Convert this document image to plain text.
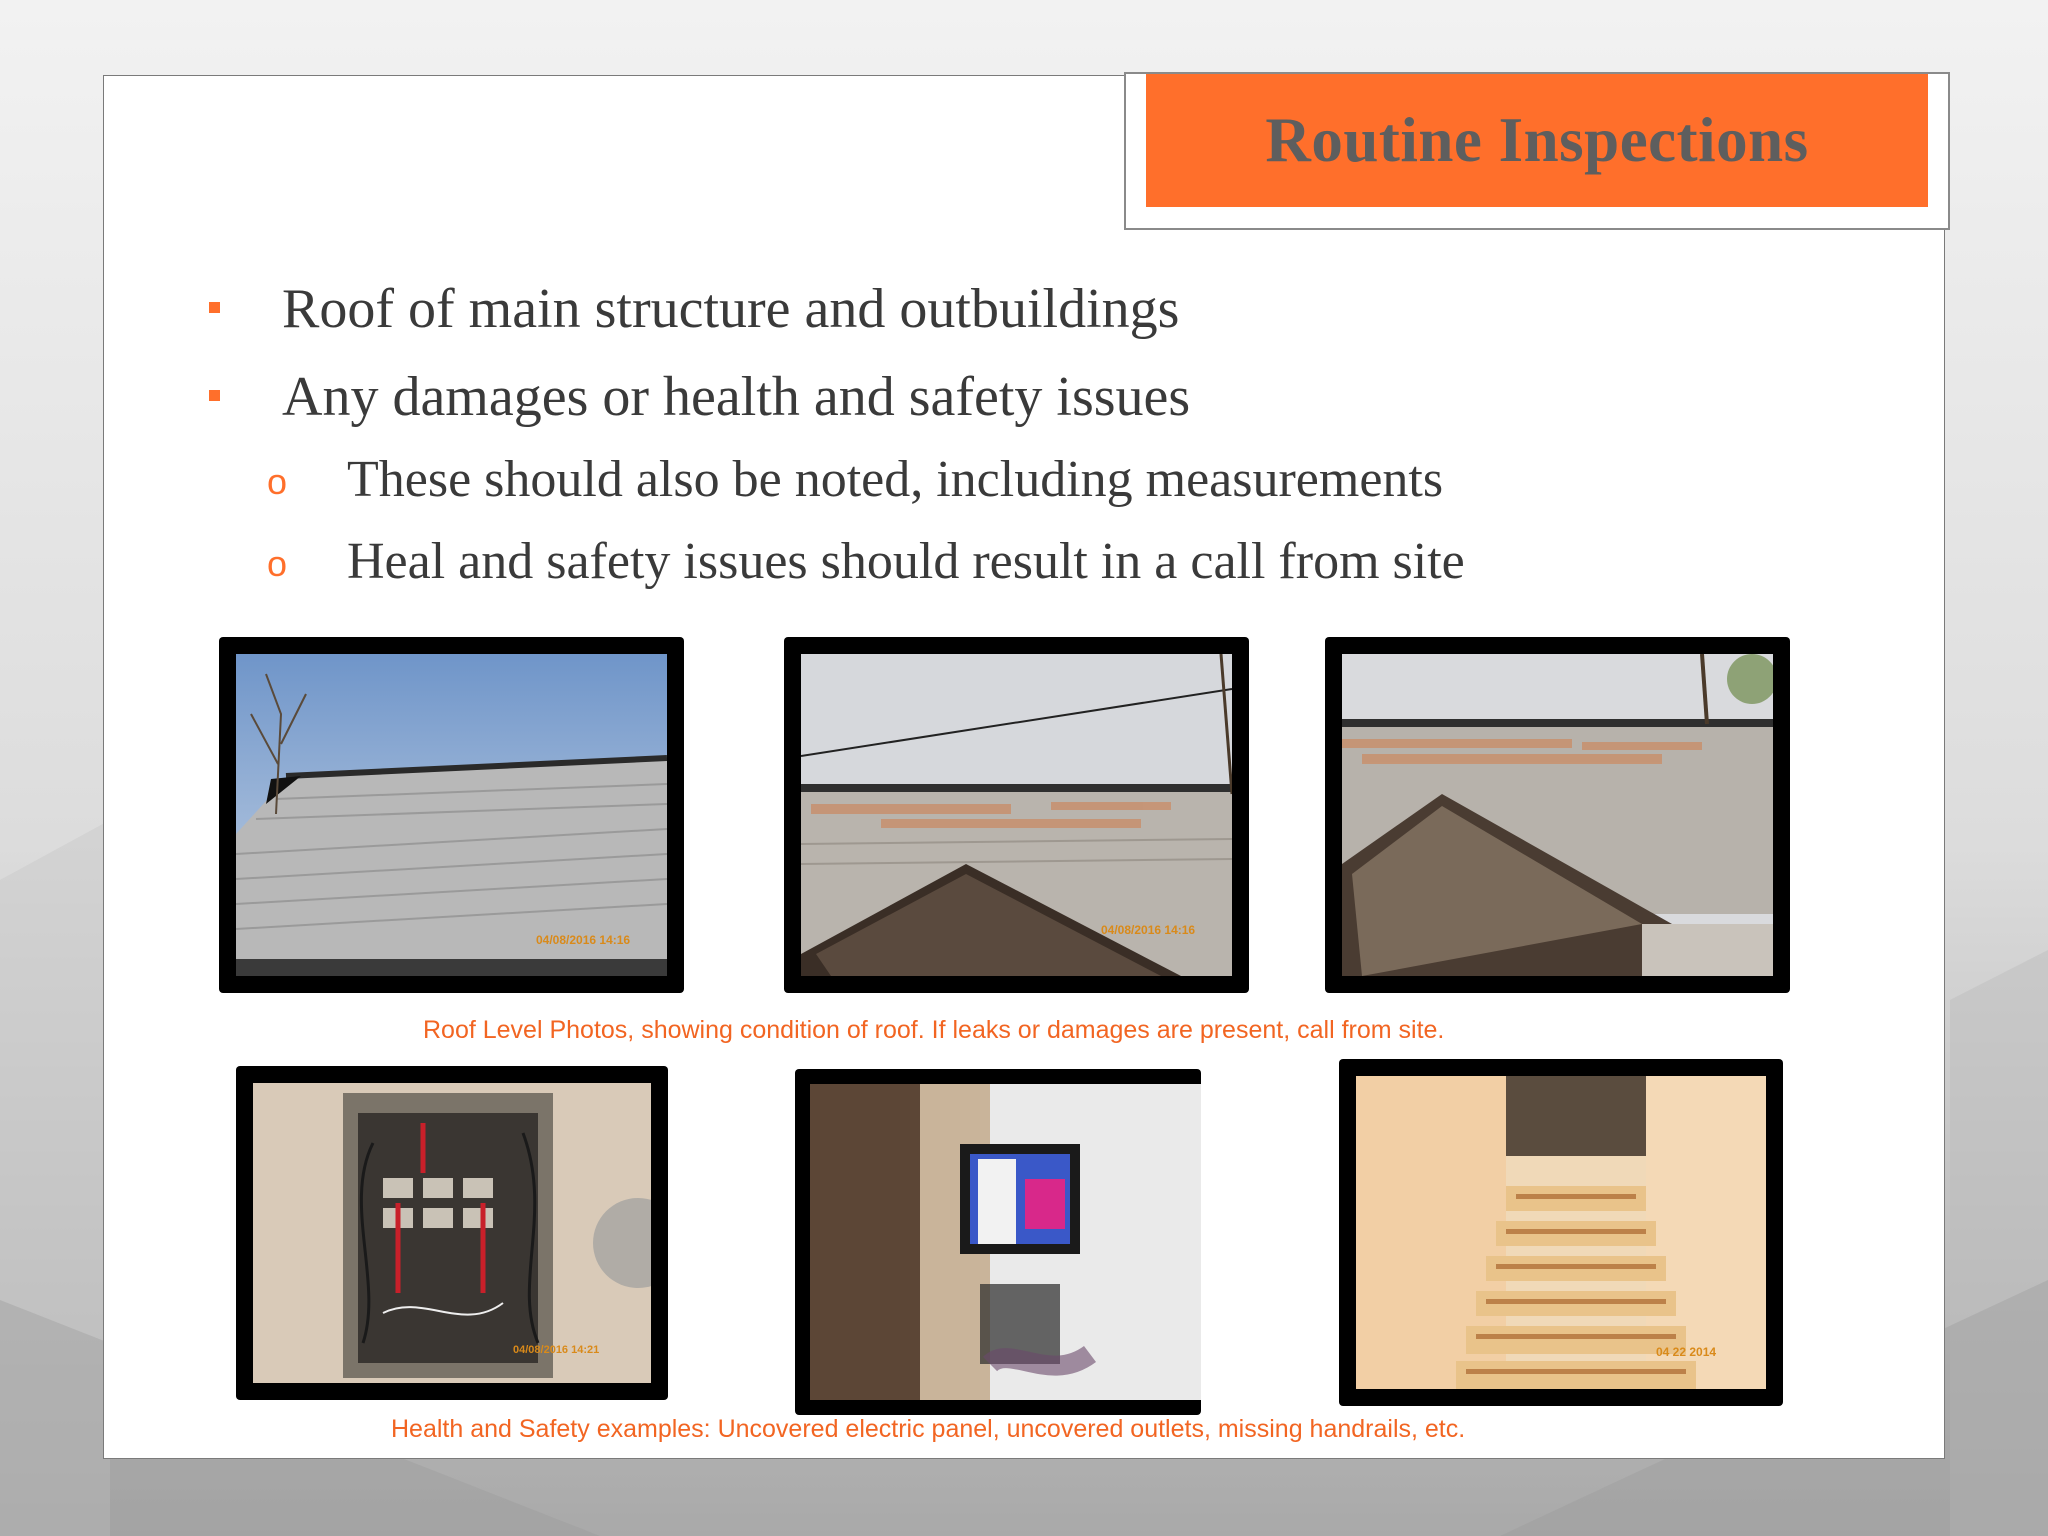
Routine Inspections
Roof of main structure and outbuildings
Any damages or health and safety issues
o These should also be noted, including measurements
o Heal and safety issues should result in a call from site
04/08/2016 14:16
04/08/2016 14:16
Roof Level Photos, showing condition of roof. If leaks or damages are present, call from site.
04/08/2016 14:21	04 22 2014
Health and Safety examples: Uncovered electric panel, uncovered outlets, missing handrails, etc.
